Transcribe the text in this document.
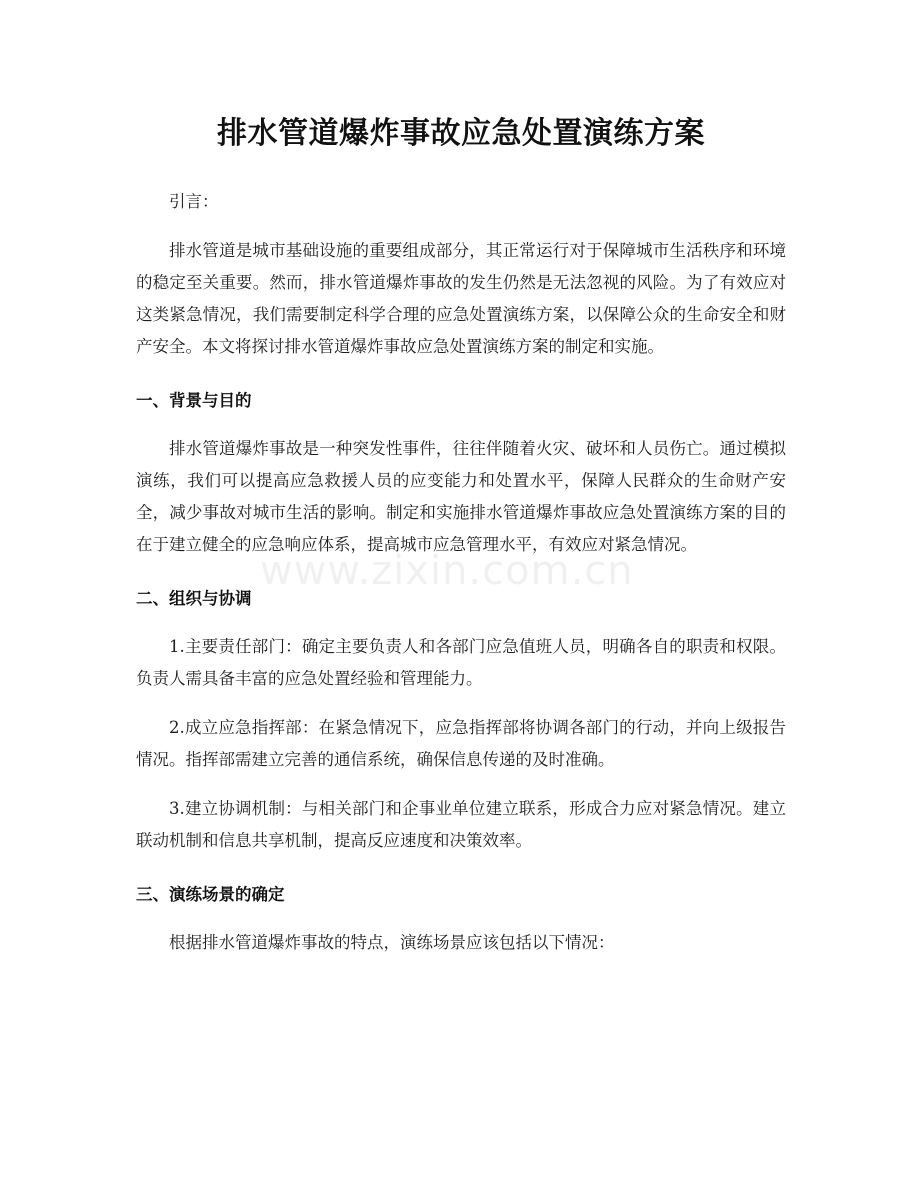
排水管道爆炸事故应急处置演练方案

引言：

排水管道是城市基础设施的重要组成部分，其正常运行对于保障城市生活秩序和环境的稳定至关重要。然而，排水管道爆炸事故的发生仍然是无法忽视的风险。为了有效应对这类紧急情况，我们需要制定科学合理的应急处置演练方案，以保障公众的生命安全和财产安全。本文将探讨排水管道爆炸事故应急处置演练方案的制定和实施。

一、背景与目的

排水管道爆炸事故是一种突发性事件，往往伴随着火灾、破坏和人员伤亡。通过模拟演练，我们可以提高应急救援人员的应变能力和处置水平，保障人民群众的生命财产安全，减少事故对城市生活的影响。制定和实施排水管道爆炸事故应急处置演练方案的目的在于建立健全的应急响应体系，提高城市应急管理水平，有效应对紧急情况。

二、组织与协调

1.主要责任部门：确定主要负责人和各部门应急值班人员，明确各自的职责和权限。负责人需具备丰富的应急处置经验和管理能力。

2.成立应急指挥部：在紧急情况下，应急指挥部将协调各部门的行动，并向上级报告情况。指挥部需建立完善的通信系统，确保信息传递的及时准确。

3.建立协调机制：与相关部门和企事业单位建立联系，形成合力应对紧急情况。建立联动机制和信息共享机制，提高反应速度和决策效率。

三、演练场景的确定

根据排水管道爆炸事故的特点，演练场景应该包括以下情况：

www.zixin.com.cn
